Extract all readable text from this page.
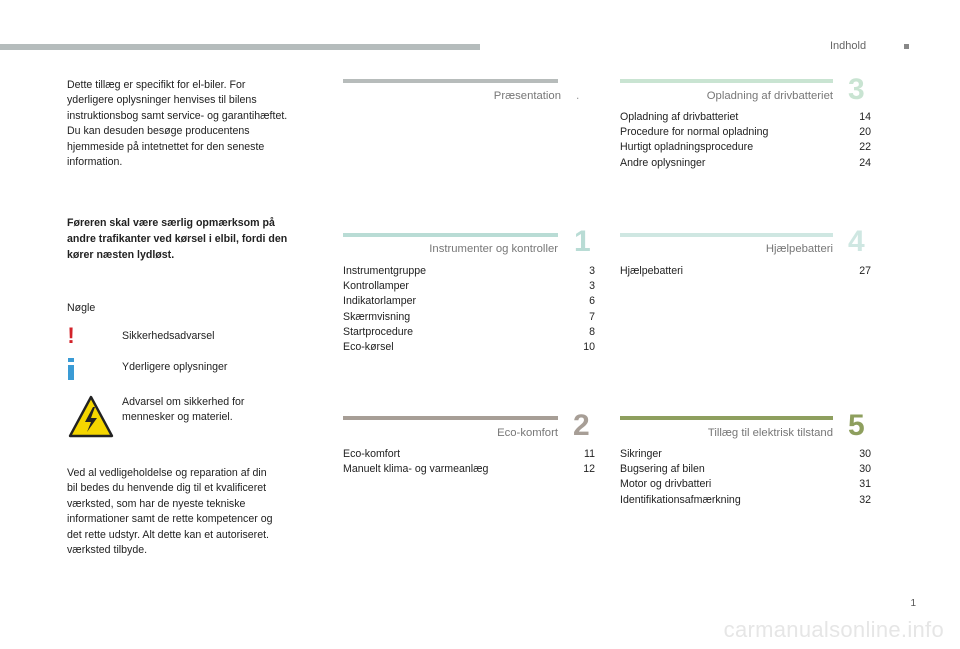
Indhold
Dette tillæg er specifikt for el-biler. For
yderligere oplysninger henvises til bilens
instruktionsbog samt service- og garantihæftet.
Du kan desuden besøge producentens
hjemmeside på intetnettet for den seneste
information.
Føreren skal være særlig opmærksom på
andre trafikanter ved kørsel i elbil, fordi den
kører næsten lydløst.
Nøgle
!	Sikkerhedsadvarsel
Yderligere oplysninger
Advarsel om sikkerhed for
mennesker og materiel.
Ved al vedligeholdelse og reparation af din
bil bedes du henvende dig til et kvalificeret
værksted, som har de nyeste tekniske
informationer samt de rette kompetencer og
det rette udstyr. Alt dette kan et autoriseret.
værksted tilbyde.
Præsentation .
Instrumenter og kontroller 1
Instrumentgruppe	3
Kontrollamper	3
Indikatorlamper	6
Skærmvisning	7
Startprocedure	8
Eco-kørsel	10
Eco-komfort 2
Eco-komfort	11
Manuelt klima- og varmeanlæg	12
Opladning af drivbatteriet 3
Opladning af drivbatteriet	14
Procedure for normal opladning	20
Hurtigt opladningsprocedure	22
Andre oplysninger	24
Hjælpebatteri 4
Hjælpebatteri	27
Tillæg til elektrisk tilstand 5
Sikringer	30
Bugsering af bilen	30
Motor og drivbatteri	31
Identifikationsafmærkning	32
1
carmanualsonline.info
